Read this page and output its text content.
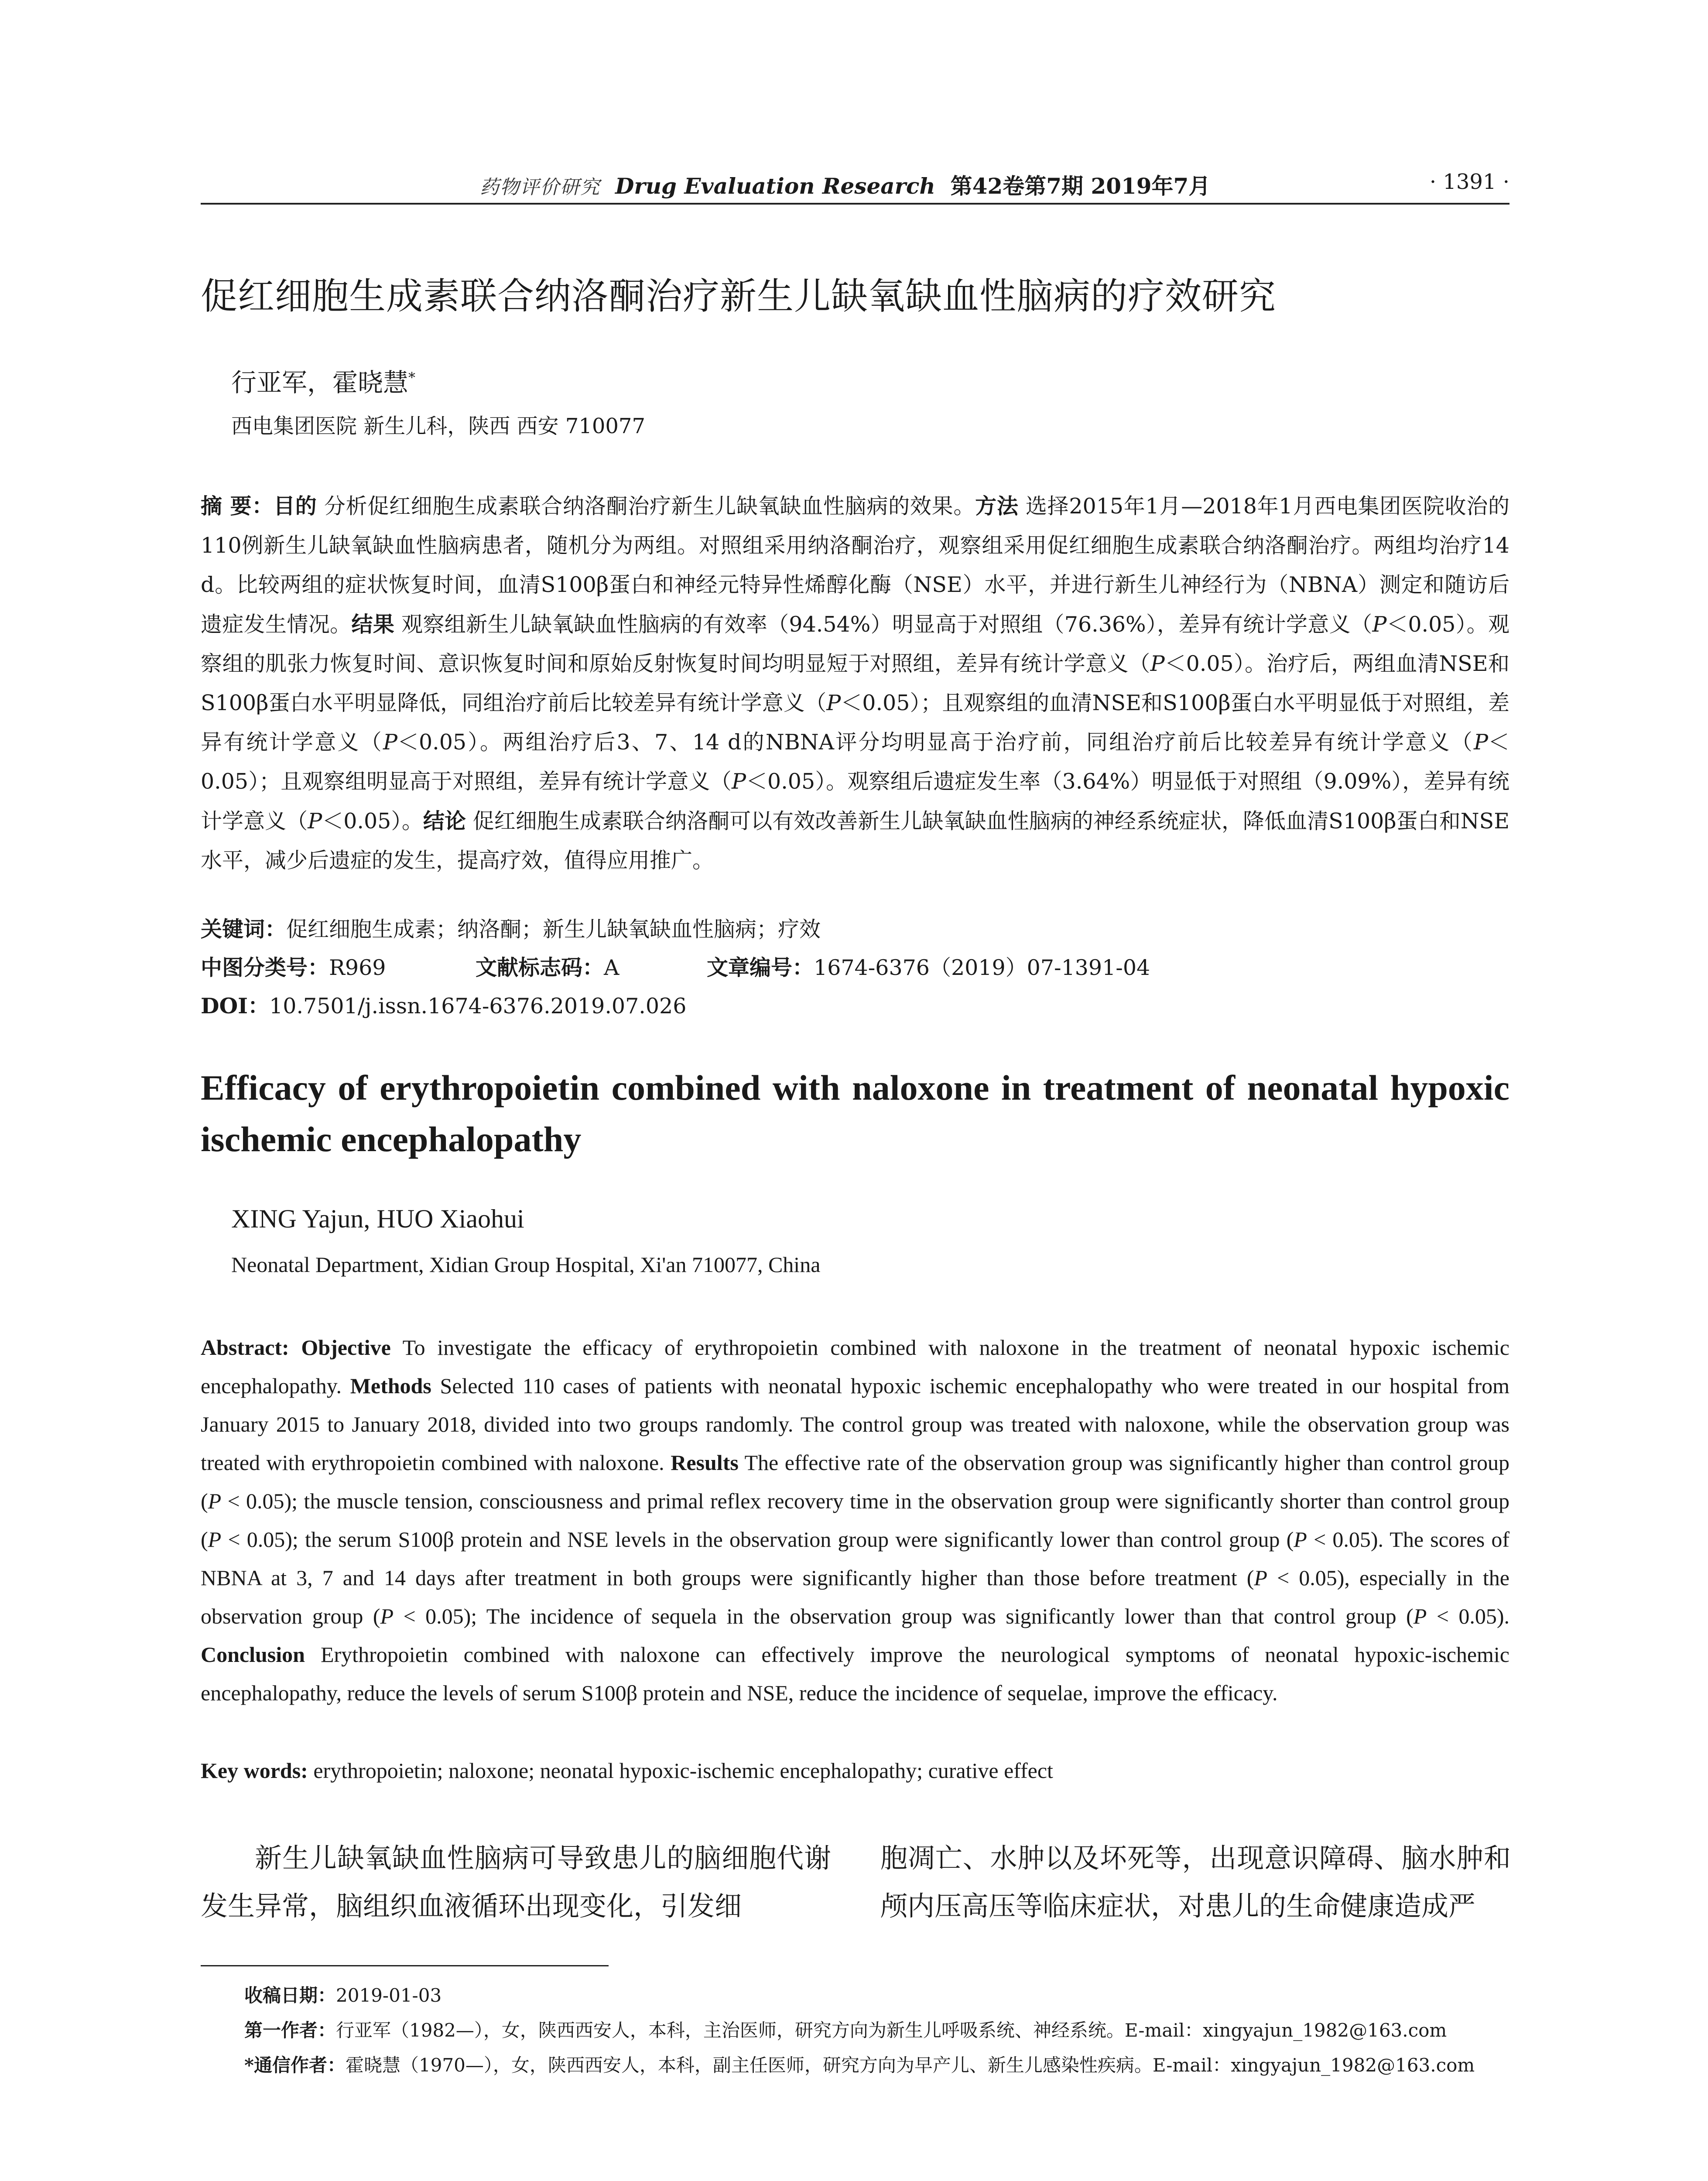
药物评价研究 Drug Evaluation Research 第42卷第7期 2019年7月	· 1391 ·
促红细胞生成素联合纳洛酮治疗新生儿缺氧缺血性脑病的疗效研究
行亚军，霍晓慧*
西电集团医院 新生儿科，陕西 西安 710077
摘 要：目的 分析促红细胞生成素联合纳洛酮治疗新生儿缺氧缺血性脑病的效果。方法 选择2015年1月—2018年1月西电集团医院收治的110例新生儿缺氧缺血性脑病患者，随机分为两组。对照组采用纳洛酮治疗，观察组采用促红细胞生成素联合纳洛酮治疗。两组均治疗14 d。比较两组的症状恢复时间，血清S100β蛋白和神经元特异性烯醇化酶（NSE）水平，并进行新生儿神经行为（NBNA）测定和随访后遗症发生情况。结果 观察组新生儿缺氧缺血性脑病的有效率（94.54%）明显高于对照组（76.36%），差异有统计学意义（P＜0.05）。观察组的肌张力恢复时间、意识恢复时间和原始反射恢复时间均明显短于对照组，差异有统计学意义（P＜0.05）。治疗后，两组血清NSE和S100β蛋白水平明显降低，同组治疗前后比较差异有统计学意义（P＜0.05）；且观察组的血清NSE和S100β蛋白水平明显低于对照组，差异有统计学意义（P＜0.05）。两组治疗后3、7、14 d的NBNA评分均明显高于治疗前，同组治疗前后比较差异有统计学意义（P＜0.05）；且观察组明显高于对照组，差异有统计学意义（P＜0.05）。观察组后遗症发生率（3.64%）明显低于对照组（9.09%），差异有统计学意义（P＜0.05）。结论 促红细胞生成素联合纳洛酮可以有效改善新生儿缺氧缺血性脑病的神经系统症状，降低血清S100β蛋白和NSE水平，减少后遗症的发生，提高疗效，值得应用推广。
关键词：促红细胞生成素；纳洛酮；新生儿缺氧缺血性脑病；疗效
中图分类号：R969	文献标志码：A	文章编号：1674-6376（2019）07-1391-04
DOI：10.7501/j.issn.1674-6376.2019.07.026
Efficacy of erythropoietin combined with naloxone in treatment of neonatal hypoxic ischemic encephalopathy
XING Yajun, HUO Xiaohui
Neonatal Department, Xidian Group Hospital, Xi'an 710077, China
Abstract: Objective To investigate the efficacy of erythropoietin combined with naloxone in the treatment of neonatal hypoxic ischemic encephalopathy. Methods Selected 110 cases of patients with neonatal hypoxic ischemic encephalopathy who were treated in our hospital from January 2015 to January 2018, divided into two groups randomly. The control group was treated with naloxone, while the observation group was treated with erythropoietin combined with naloxone. Results The effective rate of the observation group was significantly higher than control group (P < 0.05); the muscle tension, consciousness and primal reflex recovery time in the observation group were significantly shorter than control group (P < 0.05); the serum S100β protein and NSE levels in the observation group were significantly lower than control group (P < 0.05). The scores of NBNA at 3, 7 and 14 days after treatment in both groups were significantly higher than those before treatment (P < 0.05), especially in the observation group (P < 0.05); The incidence of sequela in the observation group was significantly lower than that control group (P < 0.05). Conclusion Erythropoietin combined with naloxone can effectively improve the neurological symptoms of neonatal hypoxic-ischemic encephalopathy, reduce the levels of serum S100β protein and NSE, reduce the incidence of sequelae, improve the efficacy.
Key words: erythropoietin; naloxone; neonatal hypoxic-ischemic encephalopathy; curative effect
新生儿缺氧缺血性脑病可导致患儿的脑细胞代谢发生异常，脑组织血液循环出现变化，引发细
胞凋亡、水肿以及坏死等，出现意识障碍、脑水肿和颅内压高压等临床症状，对患儿的生命健康造成严
收稿日期：2019-01-03
第一作者：行亚军（1982—），女，陕西西安人，本科，主治医师，研究方向为新生儿呼吸系统、神经系统。E-mail：xingyajun_1982@163.com
*通信作者：霍晓慧（1970—），女，陕西西安人，本科，副主任医师，研究方向为早产儿、新生儿感染性疾病。E-mail：xingyajun_1982@163.com
